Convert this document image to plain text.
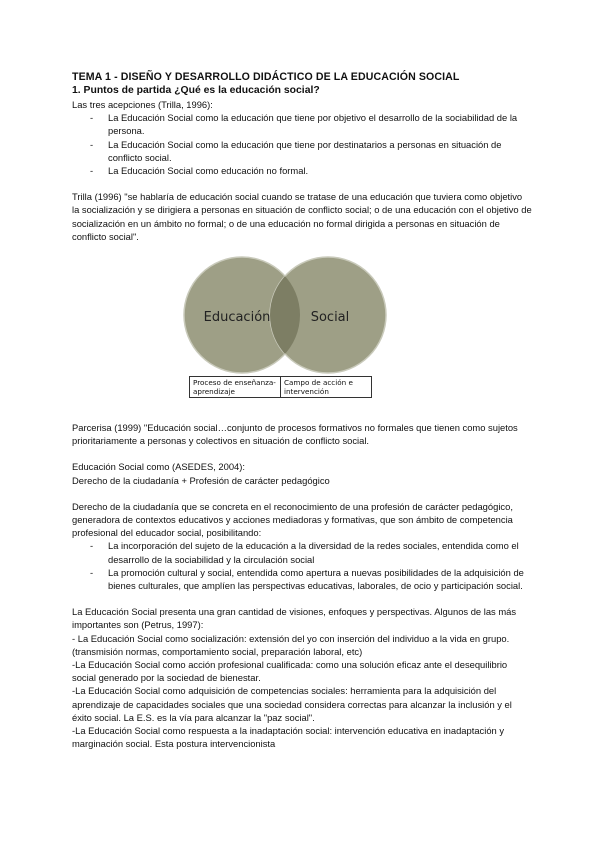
TEMA 1 - DISEÑO Y DESARROLLO DIDÁCTICO DE LA EDUCACIÓN SOCIAL
1. Puntos de partida ¿Qué es la educación social?

Las tres acepciones (Trilla, 1996):

- La Educación Social como la educación que tiene por objetivo el desarrollo de la sociabilidad de la persona.
- La Educación Social como la educación que tiene por destinatarios a personas en situación de conflicto social.
- La Educación Social como educación no formal.

Trilla (1996) "se hablaría de educación social cuando se tratase de una educación que tuviera como objetivo la socialización y se dirigiera a personas en situación de conflicto social; o de una educación con el objetivo de socialización en un ámbito no formal; o de una educación no formal dirigida a personas en situación de conflicto social".

Educación	Social
Proceso de enseñanza-aprendizaje	Campo de acción e intervención

Parcerisa (1999) "Educación social…conjunto de procesos formativos no formales que tienen como sujetos prioritariamente a personas y colectivos en situación de conflicto social.

Educación Social como (ASEDES, 2004):

Derecho de la ciudadanía + Profesión de carácter pedagógico

Derecho de la ciudadanía que se concreta en el reconocimiento de una profesión de carácter pedagógico, generadora de contextos educativos y acciones mediadoras y formativas, que son ámbito de competencia profesional del educador social, posibilitando:

- La incorporación del sujeto de la educación a la diversidad de la redes sociales, entendida como el desarrollo de la sociabilidad y la circulación social
- La promoción cultural y social, entendida como apertura a nuevas posibilidades de la adquisición de bienes culturales, que amplíen las perspectivas educativas, laborales, de ocio y participación social.

La Educación Social presenta una gran cantidad de visiones, enfoques y perspectivas. Algunos de las más importantes son (Petrus, 1997):

- La Educación Social como socialización: extensión del yo con inserción del individuo a la vida en grupo. (transmisión normas, comportamiento social, preparación laboral, etc)

-La Educación Social como acción profesional cualificada: como una solución eficaz ante el desequilibrio social generado por la sociedad de bienestar.

-La Educación Social como adquisición de competencias sociales: herramienta para la adquisición del aprendizaje de capacidades sociales que una sociedad considera correctas para alcanzar la inclusión y el éxito social. La E.S. es la vía para alcanzar la "paz social".

-La Educación Social como respuesta a la inadaptación social: intervención educativa en inadaptación y marginación social. Esta postura intervencionista
